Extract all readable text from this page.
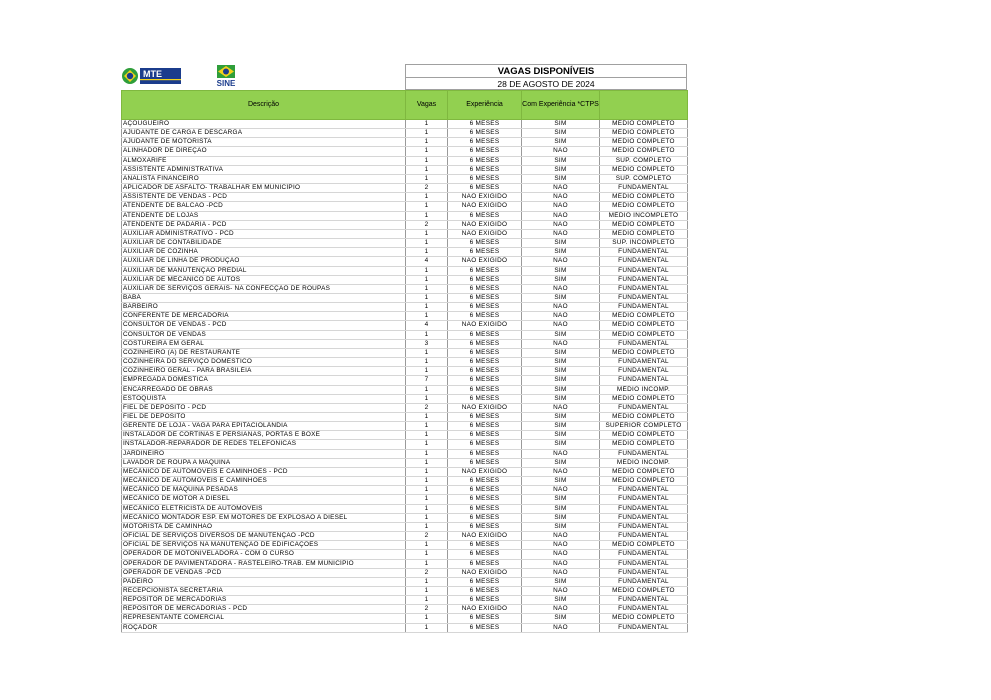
MTE
SINE
VAGAS DISPONÍVEIS
28 DE AGOSTO DE 2024
Descrição	Vagas	Experiência	Com Experiência *CTPS	
AÇOUGUEIRO	1	6 MESES	SIM	MÉDIO COMPLETO
AJUDANTE DE CARGA E DESCARGA	1	6 MESES	SIM	MÉDIO COMPLETO
AJUDANTE DE MOTORISTA	1	6 MESES	SIM	MÉDIO COMPLETO
ALINHADOR DE DIREÇÃO	1	6 MESES	NÃO	MÉDIO COMPLETO
ALMOXARIFE	1	6 MESES	SIM	SUP. COMPLETO
ASSISTENTE ADMINISTRATIVA	1	6 MESES	SIM	MÉDIO COMPLETO
ANALISTA FINANCEIRO	1	6 MESES	SIM	SUP. COMPLETO
APLICADOR DE ASFALTO- TRABALHAR EM MUNICÍPIO	2	6 MESES	NÃO	FUNDAMENTAL
ASSISTENTE DE VENDAS - PCD	1	NÃO EXIGIDO	NÃO	MÉDIO COMPLETO
ATENDENTE DE BALCÃO -PCD	1	NÃO EXIGIDO	NÃO	MÉDIO COMPLETO
ATENDENTE DE LOJAS	1	6 MESES	NÃO	MÉDIO INCOMPLETO
ATENDENTE DE PADARIA - PCD	2	NÃO EXIGIDO	NÃO	MÉDIO COMPLETO
AUXILIAR ADMINISTRATIVO - PCD	1	NÃO EXIGIDO	NÃO	MÉDIO COMPLETO
AUXILIAR DE CONTABILIDADE	1	6 MESES	SIM	SUP. INCOMPLETO
AUXILIAR DE COZINHA	1	6 MESES	SIM	FUNDAMENTAL
AUXILIAR DE LINHA DE PRODUÇÃO	4	NÃO EXIGIDO	NÃO	FUNDAMENTAL
AUXILIAR DE MANUTENÇÃO PREDIAL	1	6 MESES	SIM	FUNDAMENTAL
AUXILIAR DE MECÂNICO DE AUTOS	1	6 MESES	SIM	FUNDAMENTAL
AUXILIAR DE SERVIÇOS GERAIS- NA CONFECÇÃO DE ROUPAS	1	6 MESES	NÃO	FUNDAMENTAL
BABÁ	1	6 MESES	SIM	FUNDAMENTAL
BARBEIRO	1	6 MESES	NÃO	FUNDAMENTAL
CONFERENTE DE MERCADORIA	1	6 MESES	NÃO	MÉDIO COMPLETO
CONSULTOR DE VENDAS - PCD	4	NÃO EXIGIDO	NÃO	MÉDIO COMPLETO
CONSULTOR DE VENDAS	1	6 MESES	SIM	MÉDIO COMPLETO
COSTUREIRA EM GERAL	3	6 MESES	NÃO	FUNDAMENTAL
COZINHEIRO (A) DE RESTAURANTE	1	6 MESES	SIM	MÉDIO COMPLETO
COZINHEIRA DO SERVIÇO DOMÉSTICO	1	6 MESES	SIM	FUNDAMENTAL
COZINHEIRO GERAL - PARA BRASILÉIA	1	6 MESES	SIM	FUNDAMENTAL
EMPREGADA DOMÉSTICA	7	6 MESES	SIM	FUNDAMENTAL
ENCARREGADO DE OBRAS	1	6 MESES	SIM	MÉDIO INCOMP.
ESTOQUISTA	1	6 MESES	SIM	MÉDIO COMPLETO
FIEL DE DEPÓSITO - PCD	2	NÃO EXIGIDO	NÃO	FUNDAMENTAL
FIEL DE DEPÓSITO	1	6 MESES	SIM	MÉDIO COMPLETO
GERENTE DE LOJA - VAGA PARA EPITACIOLÂNDIA	1	6 MESES	SIM	SUPERIOR COMPLETO
INSTALADOR DE CORTINAS E PERSIANAS, PORTAS E BOXE	1	6 MESES	SIM	MÉDIO COMPLETO
INSTALADOR-REPARADOR DE REDES TELEFÔNICAS	1	6 MESES	SIM	MÉDIO COMPLETO
JARDINEIRO	1	6 MESES	NÃO	FUNDAMENTAL
LAVADOR DE ROUPA A MÁQUINA	1	6 MESES	SIM	MÉDIO INCOMP.
MECÂNICO DE AUTOMÓVEIS E CAMINHÕES - PCD	1	NÃO EXIGIDO	NÃO	MÉDIO COMPLETO
MECÂNICO DE AUTOMÓVEIS E CAMINHÕES	1	6 MESES	SIM	MÉDIO COMPLETO
MECÂNICO DE MÁQUINA PESADAS	1	6 MESES	NÃO	FUNDAMENTAL
MECÂNICO DE MOTOR A DIESEL	1	6 MESES	SIM	FUNDAMENTAL
MECÂNICO ELETRICISTA DE AUTOMÓVEIS	1	6 MESES	SIM	FUNDAMENTAL
MECÂNICO MONTADOR ESP. EM MOTORES DE EXPLOSÃO A DIESEL	1	6 MESES	SIM	FUNDAMENTAL
MOTORISTA DE CAMINHÃO	1	6 MESES	SIM	FUNDAMENTAL
OFICIAL DE SERVIÇOS DIVERSOS DE MANUTENÇÃO -PCD	2	NÃO EXIGIDO	NÃO	FUNDAMENTAL
OFICIAL DE SERVIÇOS NA MANUTENÇÃO DE EDIFICAÇÕES	1	6 MESES	NÃO	MÉDIO COMPLETO
OPERADOR DE MOTONIVELADORA - COM O CURSO	1	6 MESES	NÃO	FUNDAMENTAL
OPERADOR DE PAVIMENTADORA - RASTELEIRO-TRAB. EM MUNICÍPIO	1	6 MESES	NÃO	FUNDAMENTAL
OPERADOR DE VENDAS -PCD	2	NÃO EXIGIDO	NÃO	FUNDAMENTAL
PADEIRO	1	6 MESES	SIM	FUNDAMENTAL
RECEPCIONISTA SECRETÁRIA	1	6 MESES	NÃO	MÉDIO COMPLETO
REPOSITOR DE MERCADORIAS	1	6 MESES	SIM	FUNDAMENTAL
REPOSITOR DE MERCADORIAS - PCD	2	NÃO EXIGIDO	NÃO	FUNDAMENTAL
REPRESENTANTE COMERCIAL	1	6 MESES	SIM	MÉDIO COMPLETO
ROÇADOR	1	6 MESES	NÃO	FUNDAMENTAL
